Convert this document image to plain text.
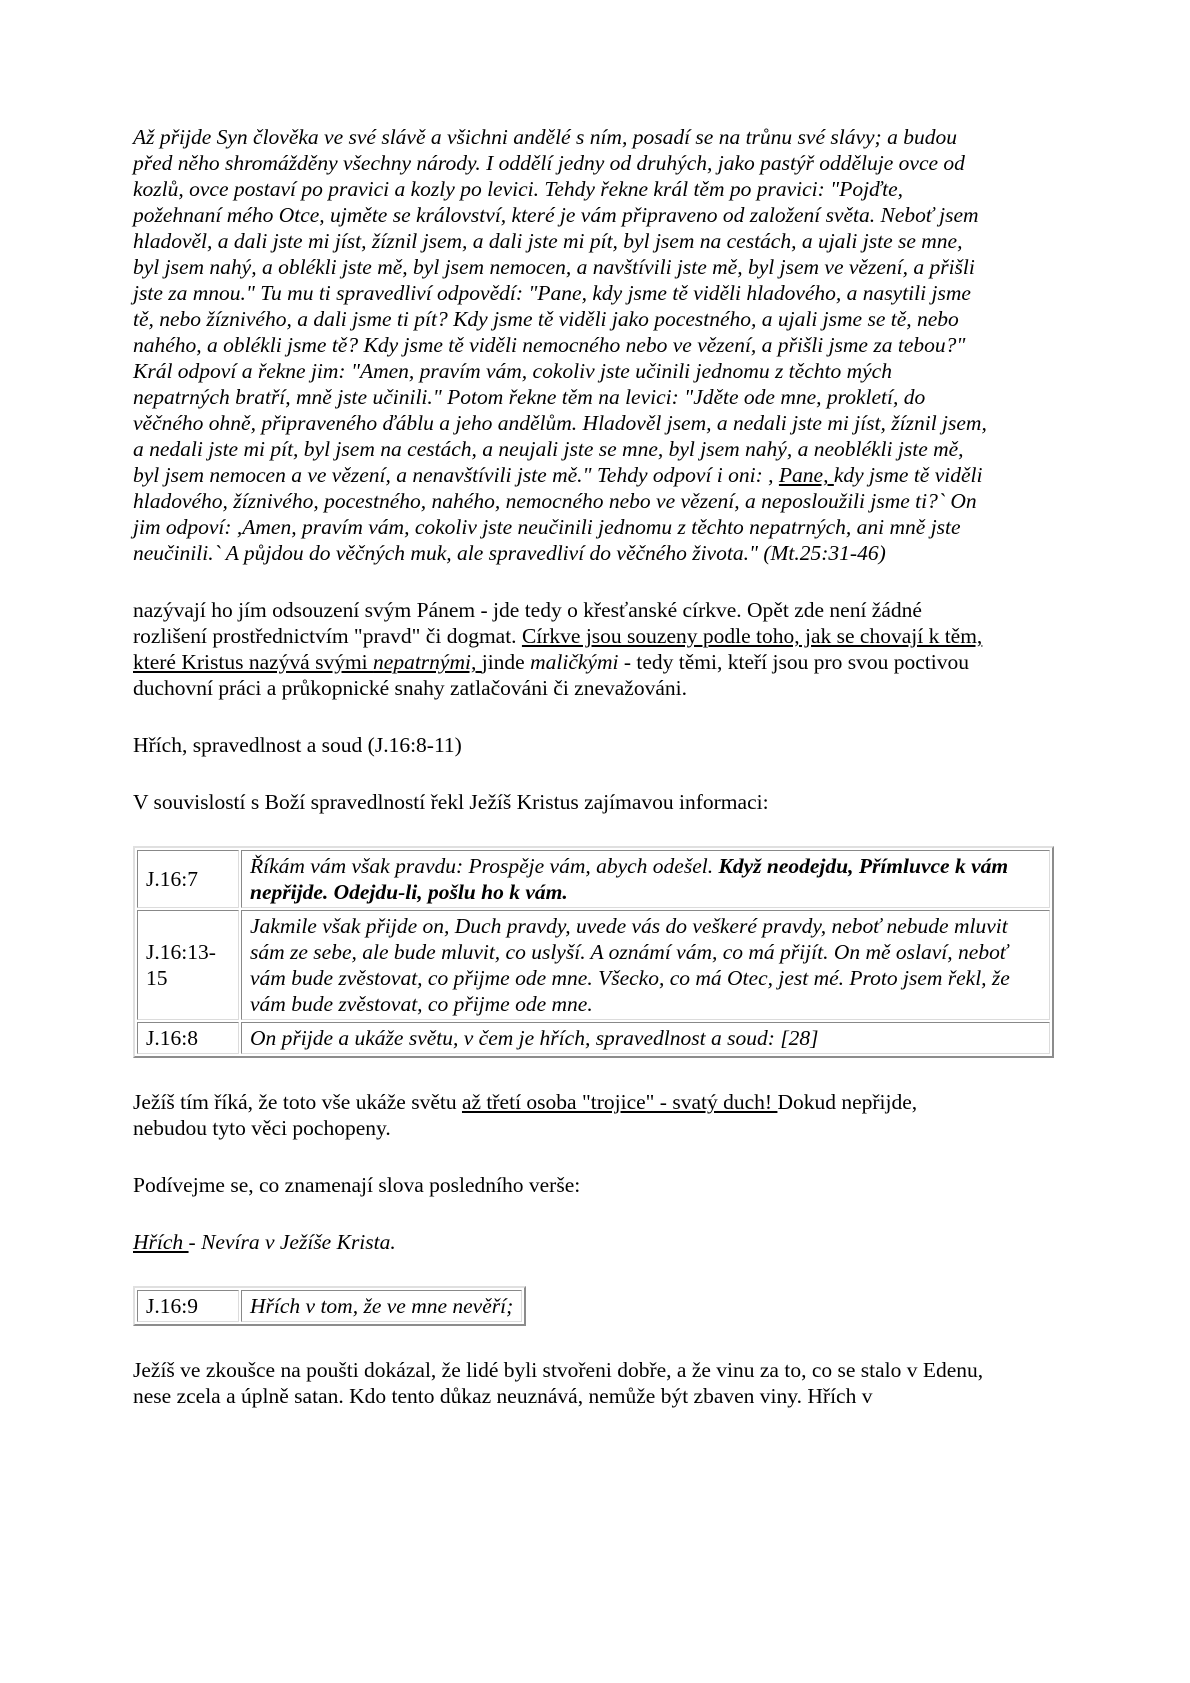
Až přijde Syn člověka ve své slávě a všichni andělé s ním, posadí se na trůnu své slávy; a budou před něho shromážděny všechny národy. I oddělí jedny od druhých, jako pastýř odděluje ovce od kozlů, ovce postaví po pravici a kozly po levici. Tehdy řekne král těm po pravici: "Pojďte, požehnaní mého Otce, ujměte se království, které je vám připraveno od založení světa. Neboť jsem hladověl, a dali jste mi jíst, žíznil jsem, a dali jste mi pít, byl jsem na cestách, a ujali jste se mne, byl jsem nahý, a oblékli jste mě, byl jsem nemocen, a navštívili jste mě, byl jsem ve vězení, a přišli jste za mnou." Tu mu ti spravedliví odpovědí: "Pane, kdy jsme tě viděli hladového, a nasytili jsme tě, nebo žíznivého, a dali jsme ti pít? Kdy jsme tě viděli jako pocestného, a ujali jsme se tě, nebo nahého, a oblékli jsme tě? Kdy jsme tě viděli nemocného nebo ve vězení, a přišli jsme za tebou?" Král odpoví a řekne jim: "Amen, pravím vám, cokoliv jste učinili jednomu z těchto mých nepatrných bratří, mně jste učinili." Potom řekne těm na levici: "Jděte ode mne, prokletí, do věčného ohně, připraveného ďáblu a jeho andělům. Hladověl jsem, a nedali jste mi jíst, žíznil jsem, a nedali jste mi pít, byl jsem na cestách, a neujali jste se mne, byl jsem nahý, a neoblékli jste mě, byl jsem nemocen a ve vězení, a nenavštívili jste mě." Tehdy odpoví i oni: , Pane, kdy jsme tě viděli hladového, žíznivého, pocestného, nahého, nemocného nebo ve vězení, a neposloužili jsme ti?` On jim odpoví: ,Amen, pravím vám, cokoliv jste neučinili jednomu z těchto nepatrných, ani mně jste neučinili.` A půjdou do věčných muk, ale spravedliví do věčného života." (Mt.25:31-46)

nazývají ho jím odsouzení svým Pánem - jde tedy o křesťanské církve. Opět zde není žádné rozlišení prostřednictvím "pravd" či dogmat. Církve jsou souzeny podle toho, jak se chovají k těm, které Kristus nazývá svými nepatrnými, jinde maličkými - tedy těmi, kteří jsou pro svou poctivou duchovní práci a průkopnické snahy zatlačováni či znevažováni.

Hřích, spravedlnost a soud (J.16:8-11)

V souvislostí s Boží spravedlností řekl Ježíš Kristus zajímavou informaci:

J.16:7	Říkám vám však pravdu: Prospěje vám, abych odešel. Když neodejdu, Přímluvce k vám nepřijde. Odejdu-li, pošlu ho k vám.
J.16:13-15	Jakmile však přijde on, Duch pravdy, uvede vás do veškeré pravdy, neboť nebude mluvit sám ze sebe, ale bude mluvit, co uslyší. A oznámí vám, co má přijít. On mě oslaví, neboť vám bude zvěstovat, co přijme ode mne. Všecko, co má Otec, jest mé. Proto jsem řekl, že vám bude zvěstovat, co přijme ode mne.
J.16:8	On přijde a ukáže světu, v čem je hřích, spravedlnost a soud: [28]

Ježíš tím říká, že toto vše ukáže světu až třetí osoba "trojice" - svatý duch! Dokud nepřijde, nebudou tyto věci pochopeny.

Podívejme se, co znamenají slova posledního verše:

Hřích - Nevíra v Ježíše Krista.

J.16:9	Hřích v tom, že ve mne nevěří;

Ježíš ve zkoušce na poušti dokázal, že lidé byli stvořeni dobře, a že vinu za to, co se stalo v Edenu, nese zcela a úplně satan. Kdo tento důkaz neuznává, nemůže být zbaven viny. Hřích v
